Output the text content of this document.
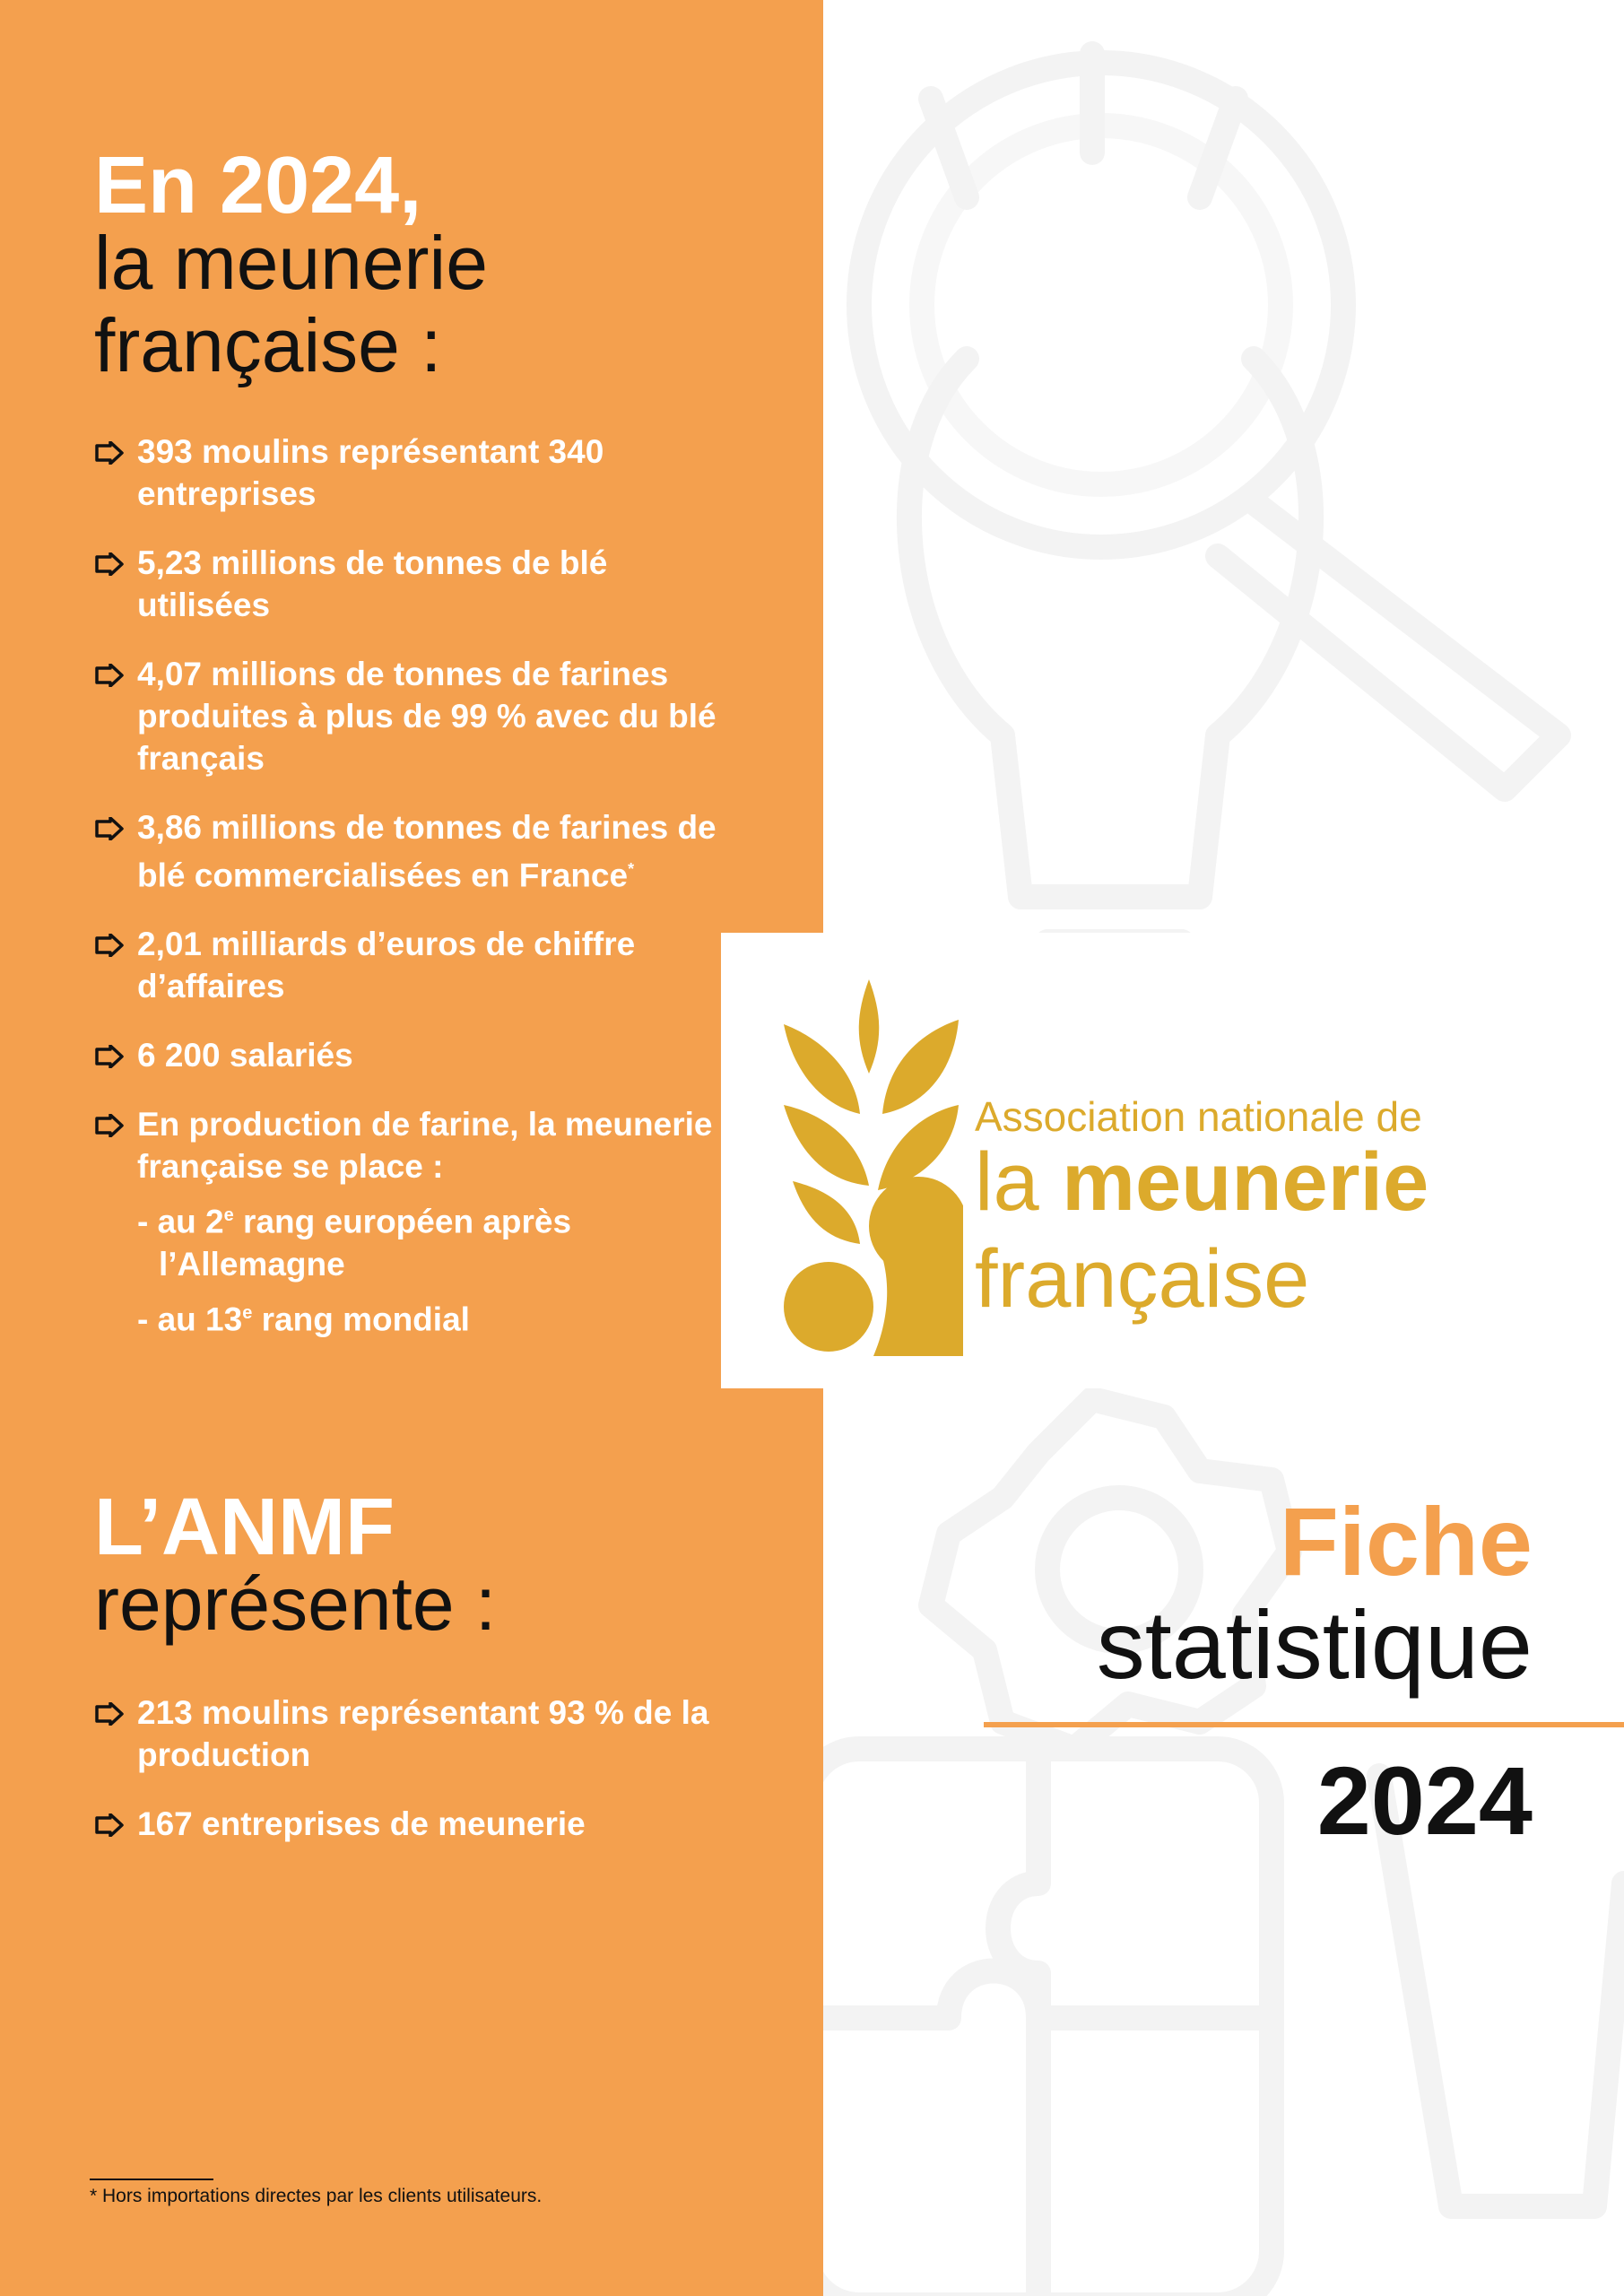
En 2024,
la meunerie
française :
393 moulins représentant 340 entreprises
5,23 millions de tonnes de blé utilisées
4,07 millions de tonnes de farines produites à plus de 99 % avec du blé français
3,86 millions de tonnes de farines de blé commercialisées en France*
2,01 milliards d’euros de chiffre d’affaires
6 200 salariés
En production de farine, la meunerie française se place :
- au 2e rang européen après l’Allemagne
- au 13e rang mondial
L’ANMF
représente :
213 moulins représentant 93 % de la production
167 entreprises de meunerie
* Hors importations directes par les clients utilisateurs.
Association nationale de
la meunerie
française
Fiche
statistique
2024
